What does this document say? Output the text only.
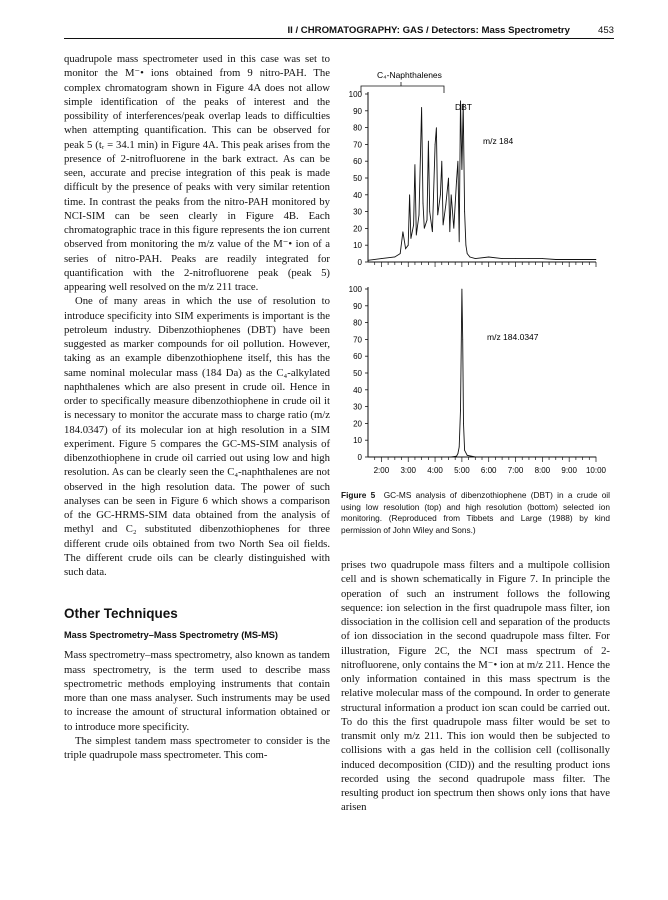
II / CHROMATOGRAPHY: GAS / Detectors: Mass Spectrometry	453

quadrupole mass spectrometer used in this case was set to monitor the M⁻• ions obtained from 9 nitro-PAH. The complex chromatogram shown in Figure 4A does not allow simple identification of the peaks of interest and the possibility of interferences/peak overlap leads to difficulties when attempting quantification. This can be observed for peak 5 (tᵣ = 34.1 min) in Figure 4A. This peak arises from the presence of 2-nitrofluorene in the bark extract. As can be seen, accurate and precise integration of this peak is made difficult by the presence of peaks with very similar retention time. In contrast the peaks from the nitro-PAH monitored by NCI-SIM can be seen clearly in Figure 4B. Each chromatographic trace in this figure represents the ion current observed from monitoring the m/z value of the M⁻• ion of a series of nitro-PAH. Peaks are readily integrated for quantification with the 2-nitrofluorene peak (peak 5) appearing well resolved on the m/z 211 trace.

One of many areas in which the use of resolution to introduce specificity into SIM experiments is important is the petroleum industry. Dibenzothiophenes (DBT) have been suggested as marker compounds for oil pollution. However, taking as an example dibenzothiophene itself, this has the same nominal molecular mass (184 Da) as the C₄-alkylated naphthalenes which are also present in crude oil. Hence in order to specifically measure dibenzothiophene in crude oil it is necessary to monitor the accurate mass to charge ratio (m/z 184.0347) of its molecular ion at high resolution in a SIM experiment. Figure 5 compares the GC-MS-SIM analysis of dibenzothiophene in crude oil carried out using low and high resolution. As can be clearly seen the C₄-naphthalenes are not observed in the high resolution data. The power of such analyses can be seen in Figure 6 which shows a comparison of the GC-HRMS-SIM data obtained from the analysis of methyl and C₂ substituted dibenzothiophenes for three different crude oils obtained from two North Sea oil fields. The different crude oils can be clearly distinguished with such data.

Other Techniques
Mass Spectrometry–Mass Spectrometry (MS-MS)

Mass spectrometry–mass spectrometry, also known as tandem mass spectrometry, is the term used to describe mass spectrometric methods employing instruments that contain more than one mass analyser. Such instruments may be used to increase the amount of structural information obtained or to introduce more specificity.

The simplest tandem mass spectrometer to consider is the triple quadrupole mass spectrometer. This com-

0
10
20
30
40
50
60
70
80
90
100
m/z 184
0
10
20
30
40
50
60
70
80
90
100
2:00 3:00 4:00 5:00 6:00 7:00 8:00 9:00 10:00
m/z 184.0347
C₄-Naphthalenes
DBT
Figure 5 GC-MS analysis of dibenzothiophene (DBT) in a crude oil using low resolution (top) and high resolution (bottom) selected ion monitoring. (Reproduced from Tibbets and Large (1988) by kind permission of John Wiley and Sons.)

prises two quadrupole mass filters and a multipole collision cell and is shown schematically in Figure 7. In principle the operation of such an instrument follows the following sequence: ion selection in the first quadrupole mass filter, ion dissociation in the collision cell and separation of the products of ion dissociation in the second quadrupole mass filter. For illustration, Figure 2C, the NCI mass spectrum of 2-nitrofluorene, only contains the M⁻• ion at m/z 211. Hence the only information contained in this mass spectrum is the relative molecular mass of the compound. In order to generate structural information a product ion scan could be carried out. To do this the first quadrupole mass filter would be set to transmit only m/z 211. This ion would then be subjected to collisions with a gas held in the collision cell (collisonally induced decomposition (CID)) and the resulting product ions recorded using the second quadrupole mass filter. The resulting product ion spectrum then shows only ions that have arisen
